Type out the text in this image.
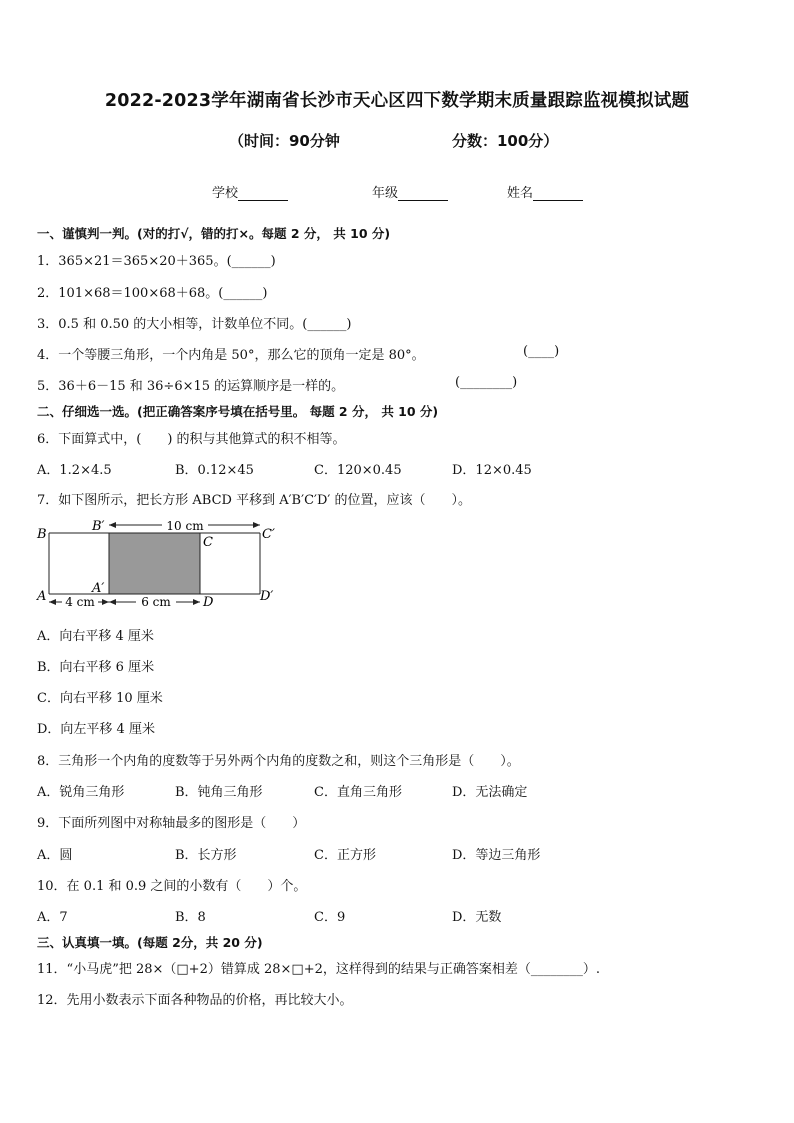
2022-2023学年湖南省长沙市天心区四下数学期末质量跟踪监视模拟试题
（时间：90分钟	分数：100分）
学校	年级	姓名
一、谨慎判一判。(对的打√，错的打×。每题 2 分， 共 10 分)
1．365×21＝365×20＋365。(______)
2．101×68＝100×68＋68。(______)
3．0.5 和 0.50 的大小相等，计数单位不同。(______)
4．一个等腰三角形，一个内角是 50°，那么它的顶角一定是 80°。	(____)
5．36＋6－15 和 36÷6×15 的运算顺序是一样的。	(________)
二、仔细选一选。(把正确答案序号填在括号里。 每题 2 分， 共 10 分)
6．下面算式中，(　　) 的积与其他算式的积不相等。
A．1.2×4.5	B．0.12×45	C．120×0.45	D．12×0.45
7．如下图所示，把长方形 ABCD 平移到 A′B′C′D′ 的位置，应该（　　）。
10 cm
4 cm	6 cm
B
A
B′
A′
C
D
C′
D′
A．向右平移 4 厘米
B．向右平移 6 厘米
C．向右平移 10 厘米
D．向左平移 4 厘米
8．三角形一个内角的度数等于另外两个内角的度数之和，则这个三角形是（　　）。
A．锐角三角形	B．钝角三角形	C．直角三角形	D．无法确定
9．下面所列图中对称轴最多的图形是（　　）
A．圆	B．长方形	C．正方形	D．等边三角形
10．在 0.1 和 0.9 之间的小数有（　　）个。
A．7	B．8	C．9	D．无数
三、认真填一填。(每题 2分，共 20 分)
11．“小马虎”把 28×（□+2）错算成 28×□+2，这样得到的结果与正确答案相差（________）.
12．先用小数表示下面各种物品的价格，再比较大小。
